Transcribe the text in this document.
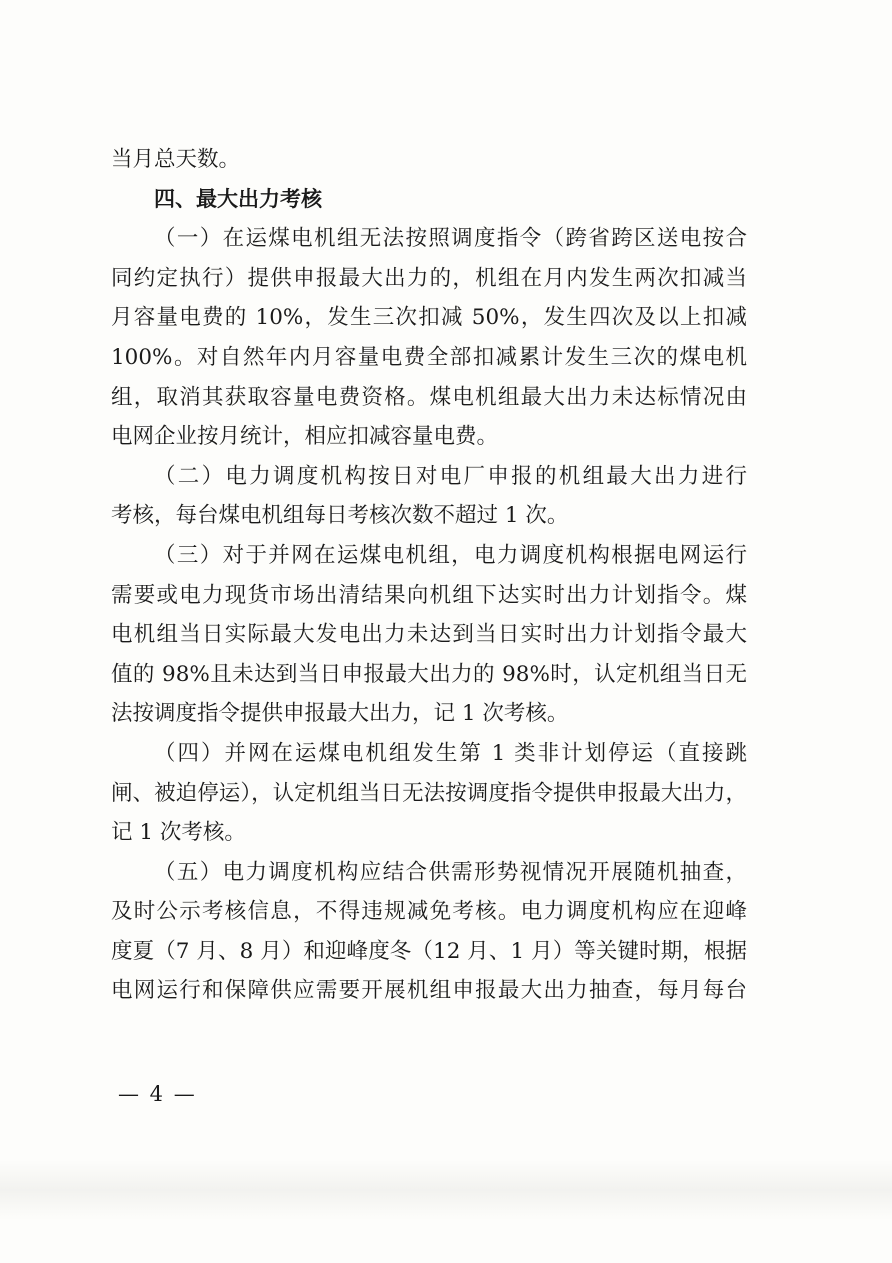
当月总天数。
四、最大出力考核
（一）在运煤电机组无法按照调度指令（跨省跨区送电按合
同约定执行）提供申报最大出力的，机组在月内发生两次扣减当
月容量电费的 10%，发生三次扣减 50%，发生四次及以上扣减
100%。对自然年内月容量电费全部扣减累计发生三次的煤电机
组，取消其获取容量电费资格。煤电机组最大出力未达标情况由
电网企业按月统计，相应扣减容量电费。
（二）电力调度机构按日对电厂申报的机组最大出力进行
考核，每台煤电机组每日考核次数不超过 1 次。
（三）对于并网在运煤电机组，电力调度机构根据电网运行
需要或电力现货市场出清结果向机组下达实时出力计划指令。煤
电机组当日实际最大发电出力未达到当日实时出力计划指令最大
值的 98%且未达到当日申报最大出力的 98%时，认定机组当日无
法按调度指令提供申报最大出力，记 1 次考核。
（四）并网在运煤电机组发生第 1 类非计划停运（直接跳
闸、被迫停运），认定机组当日无法按调度指令提供申报最大出力，
记 1 次考核。
（五）电力调度机构应结合供需形势视情况开展随机抽查，
及时公示考核信息，不得违规减免考核。电力调度机构应在迎峰
度夏（7 月、8 月）和迎峰度冬（12 月、1 月）等关键时期，根据
电网运行和保障供应需要开展机组申报最大出力抽查，每月每台
— 4 —
